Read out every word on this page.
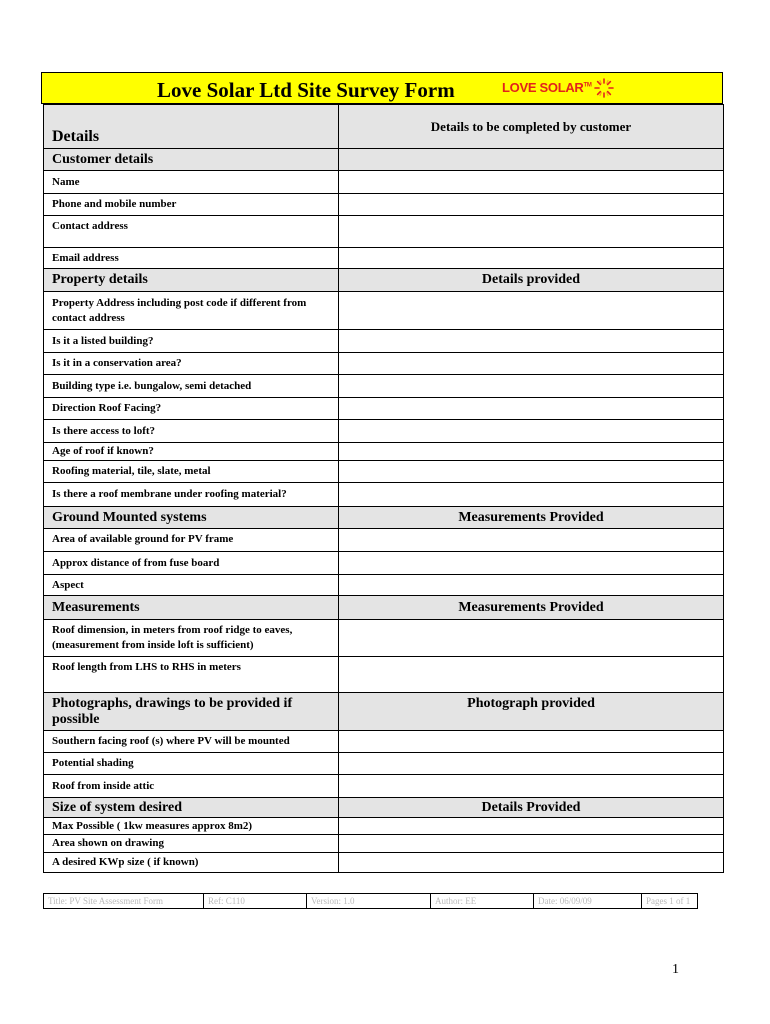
Love Solar Ltd Site Survey Form	LOVE SOLAR™
Details	Details to be completed by customer
Customer details	
Name	
Phone and mobile number	
Contact address	
Email address	
Property details	Details provided
Property Address including post code if different from contact address	
Is it a listed building?	
Is it in a conservation area?	
Building type i.e. bungalow, semi detached	
Direction Roof Facing?	
Is there access to loft?	
Age of roof if known?	
Roofing material, tile, slate, metal	
Is there a roof membrane under roofing material?	
Ground Mounted systems	Measurements Provided
Area of available ground for PV frame	
Approx distance of from fuse board	
Aspect	
Measurements	Measurements Provided
Roof dimension, in meters from roof ridge to eaves, (measurement from inside loft is sufficient)	
Roof length from LHS to RHS in meters	
Photographs, drawings to be provided if possible	Photograph provided
Southern facing roof (s) where PV will be mounted	
Potential shading	
Roof from inside attic	
Size of system desired	Details Provided
Max Possible ( 1kw measures approx 8m2)	
Area shown on drawing	
A desired KWp size ( if known)	
Title: PV Site Assessment Form	Ref: C110	Version: 1.0	Author: EE	Date: 06/09/09	Pages 1 of 1
1
